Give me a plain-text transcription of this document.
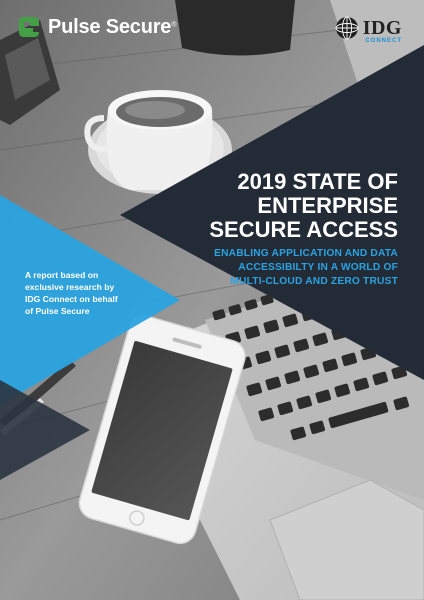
Pulse Secure®	IDG
CONNECT
2019 STATE OF
ENTERPRISE
SECURE ACCESS
ENABLING APPLICATION AND DATA
ACCESSIBILTY IN A WORLD OF
MULTI-CLOUD AND ZERO TRUST
A report based on
exclusive research by
IDG Connect on behalf
of Pulse Secure
